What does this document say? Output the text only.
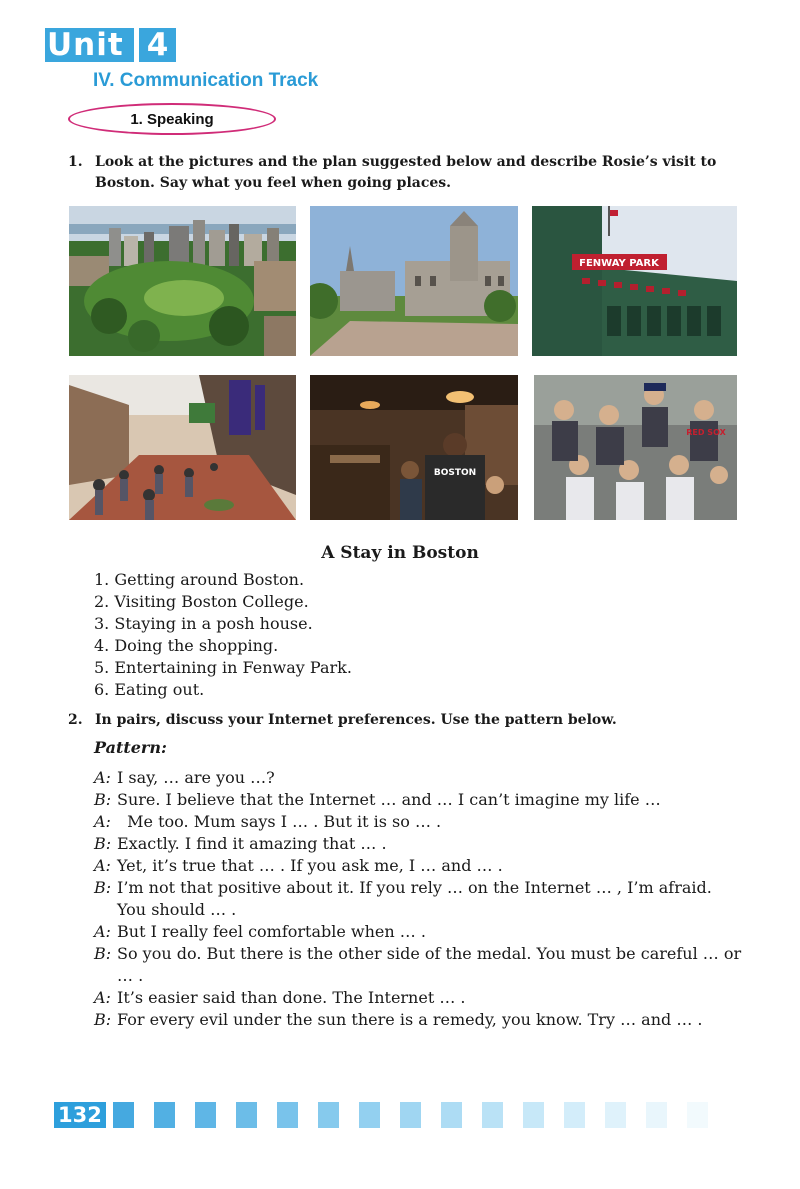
Unit 4
IV. Communication Track
1. Speaking
1. Look at the pictures and the plan suggested below and describe Rosie’s visit to Boston. Say what you feel when going places.
FENWAY PARK
BOSTON
RED SOX
A Stay in Boston
1. Getting around Boston.
2. Visiting Boston College.
3. Staying in a posh house.
4. Doing the shopping.
5. Entertaining in Fenway Park.
6. Eating out.
2. In pairs, discuss your Internet preferences. Use the pattern below.
Pattern:
A: I say, … are you …?
B: Sure. I believe that the Internet … and … I can’t imagine my life …
A: Me too. Mum says I … . But it is so … .
B: Exactly. I find it amazing that … .
A: Yet, it’s true that … . If you ask me, I … and … .
B: I’m not that positive about it. If you rely … on the Internet … , I’m afraid. You should … .
A: But I really feel comfortable when … .
B: So you do. But there is the other side of the medal. You must be careful … or … .
A: It’s easier said than done. The Internet … .
B: For every evil under the sun there is a remedy, you know. Try … and … .
132
